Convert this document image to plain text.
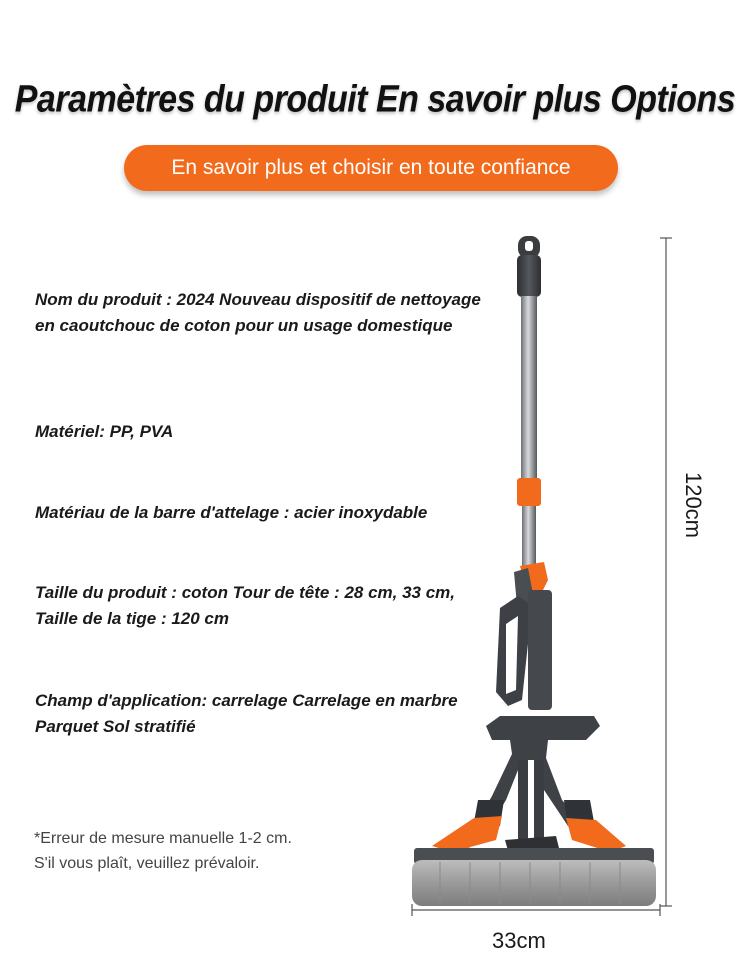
Paramètres du produit En savoir plus Options
En savoir plus et choisir en toute confiance
Nom du produit : 2024 Nouveau dispositif de nettoyage en caoutchouc de coton pour un usage domestique
Matériel: PP, PVA
Matériau de la barre d'attelage : acier inoxydable
Taille du produit : coton Tour de tête : 28 cm, 33 cm, Taille de la tige : 120 cm
Champ d'application: carrelage Carrelage en marbre Parquet Sol stratifié
*Erreur de mesure manuelle 1-2 cm.
S'il vous plaît, veuillez prévaloir.
120cm
33cm
